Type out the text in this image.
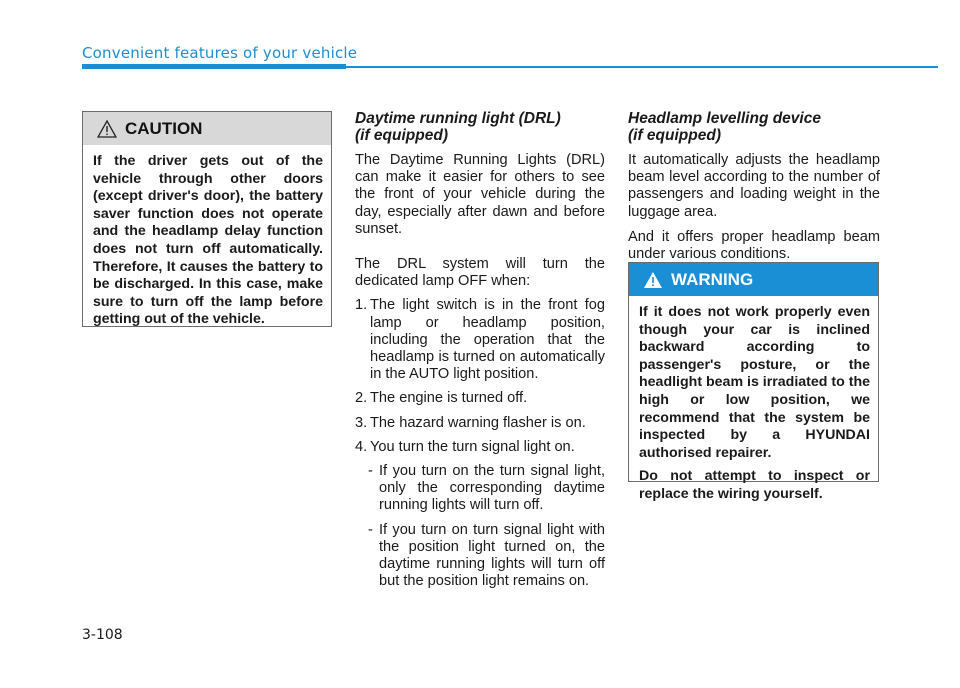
Convenient features of your vehicle
CAUTION

If the driver gets out of the vehicle through other doors (except driver's door), the battery saver function does not operate and the headlamp delay function does not turn off automatically. Therefore, It causes the battery to be discharged. In this case, make sure to turn off the lamp before getting out of the vehicle.

Daytime running light (DRL)
(if equipped)

The Daytime Running Lights (DRL) can make it easier for others to see the front of your vehicle during the day, especially after dawn and before sunset.

The DRL system will turn the dedicated lamp OFF when:

1. The light switch is in the front fog lamp or headlamp position, including the operation that the headlamp is turned on automatically in the AUTO light position.
2. The engine is turned off.
3. The hazard warning flasher is on.
4. You turn the turn signal light on.
- If you turn on the turn signal light, only the corresponding daytime running lights will turn off.
- If you turn on turn signal light with the position light turned on, the daytime running lights will turn off but the position light remains on.
Headlamp levelling device
(if equipped)

It automatically adjusts the headlamp beam level according to the number of passengers and loading weight in the luggage area.

And it offers proper headlamp beam under various conditions.

WARNING

If it does not work properly even though your car is inclined backward according to passenger's posture, or the headlight beam is irradiated to the high or low position, we recommend that the system be inspected by a HYUNDAI authorised repairer.

Do not attempt to inspect or replace the wiring yourself.

3-108
